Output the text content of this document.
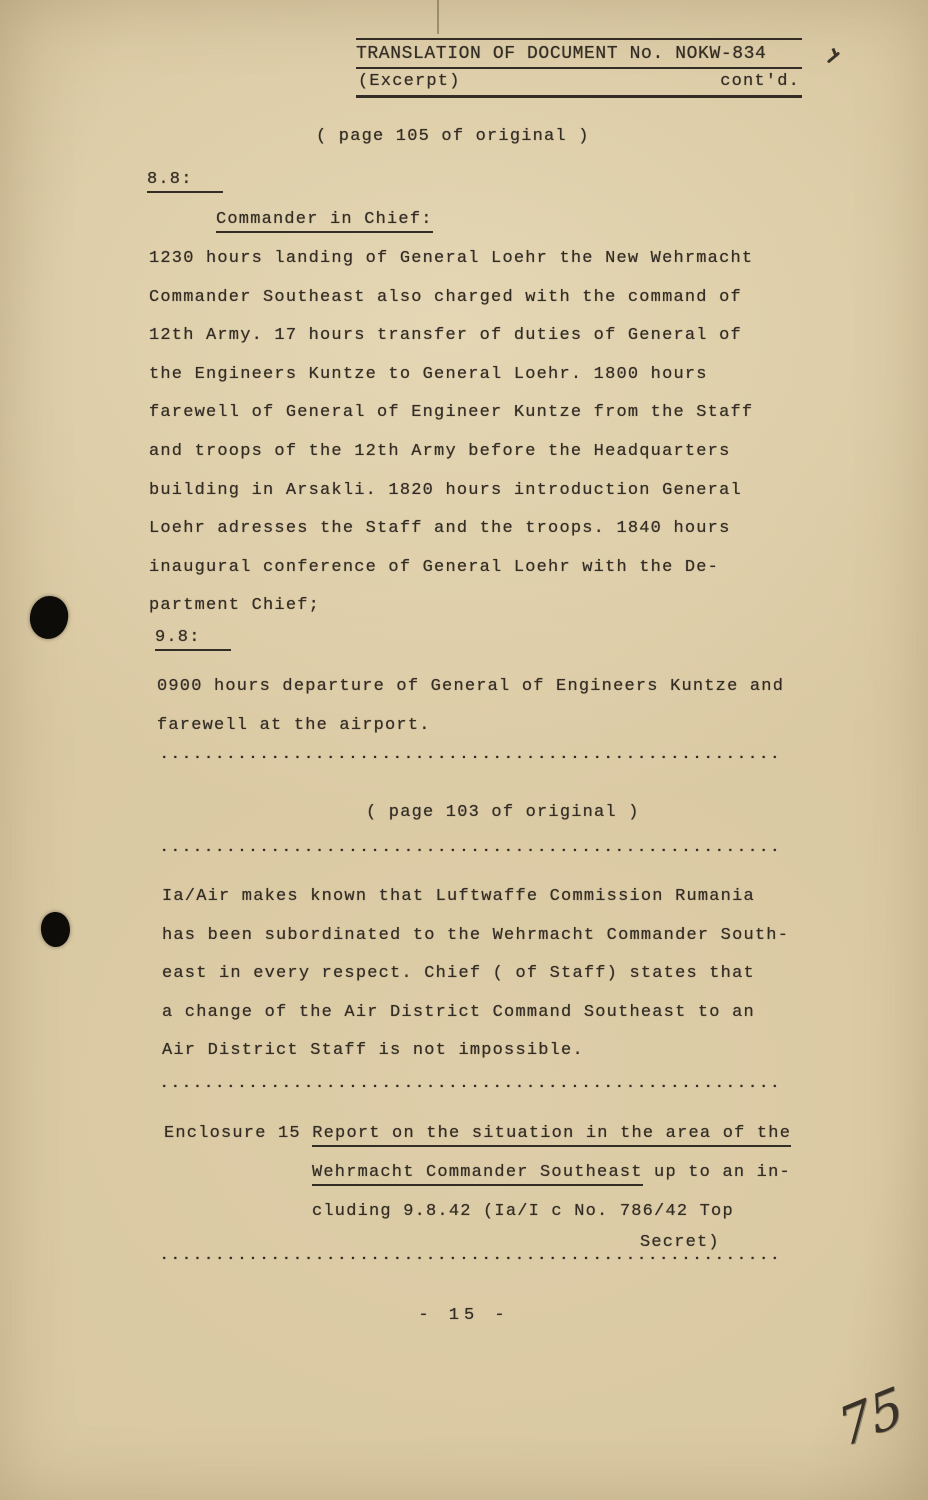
TRANSLATION OF DOCUMENT No. NOKW-834
(Excerpt)	cont'd.
( page 105 of original )
8.8:
Commander in Chief:
1230 hours landing of General Loehr the New Wehrmacht
Commander Southeast also charged with the command of
12th Army. 17 hours transfer of duties of General of
the Engineers Kuntze to General Loehr. 1800 hours
farewell of General of Engineer Kuntze from the Staff
and troops of the 12th Army before the Headquarters
building in Arsakli. 1820 hours introduction General
Loehr adresses the Staff and the troops. 1840 hours
inaugural conference of General Loehr with the De-
partment Chief;
9.8:
0900 hours departure of General of Engineers Kuntze and
farewell at the airport.
........................................................
( page 103 of original )
........................................................
Ia/Air makes known that Luftwaffe Commission Rumania
has been subordinated to the Wehrmacht Commander South-
east in every respect. Chief ( of Staff) states that
a change of the Air District Command Southeast to an
Air District Staff is not impossible.
........................................................
Enclosure 15 Report on the situation in the area of the
Wehrmacht Commander Southeast up to an in-
cluding 9.8.42 (Ia/I c No. 786/42 Top
Secret)
........................................................
- 15 -
75
